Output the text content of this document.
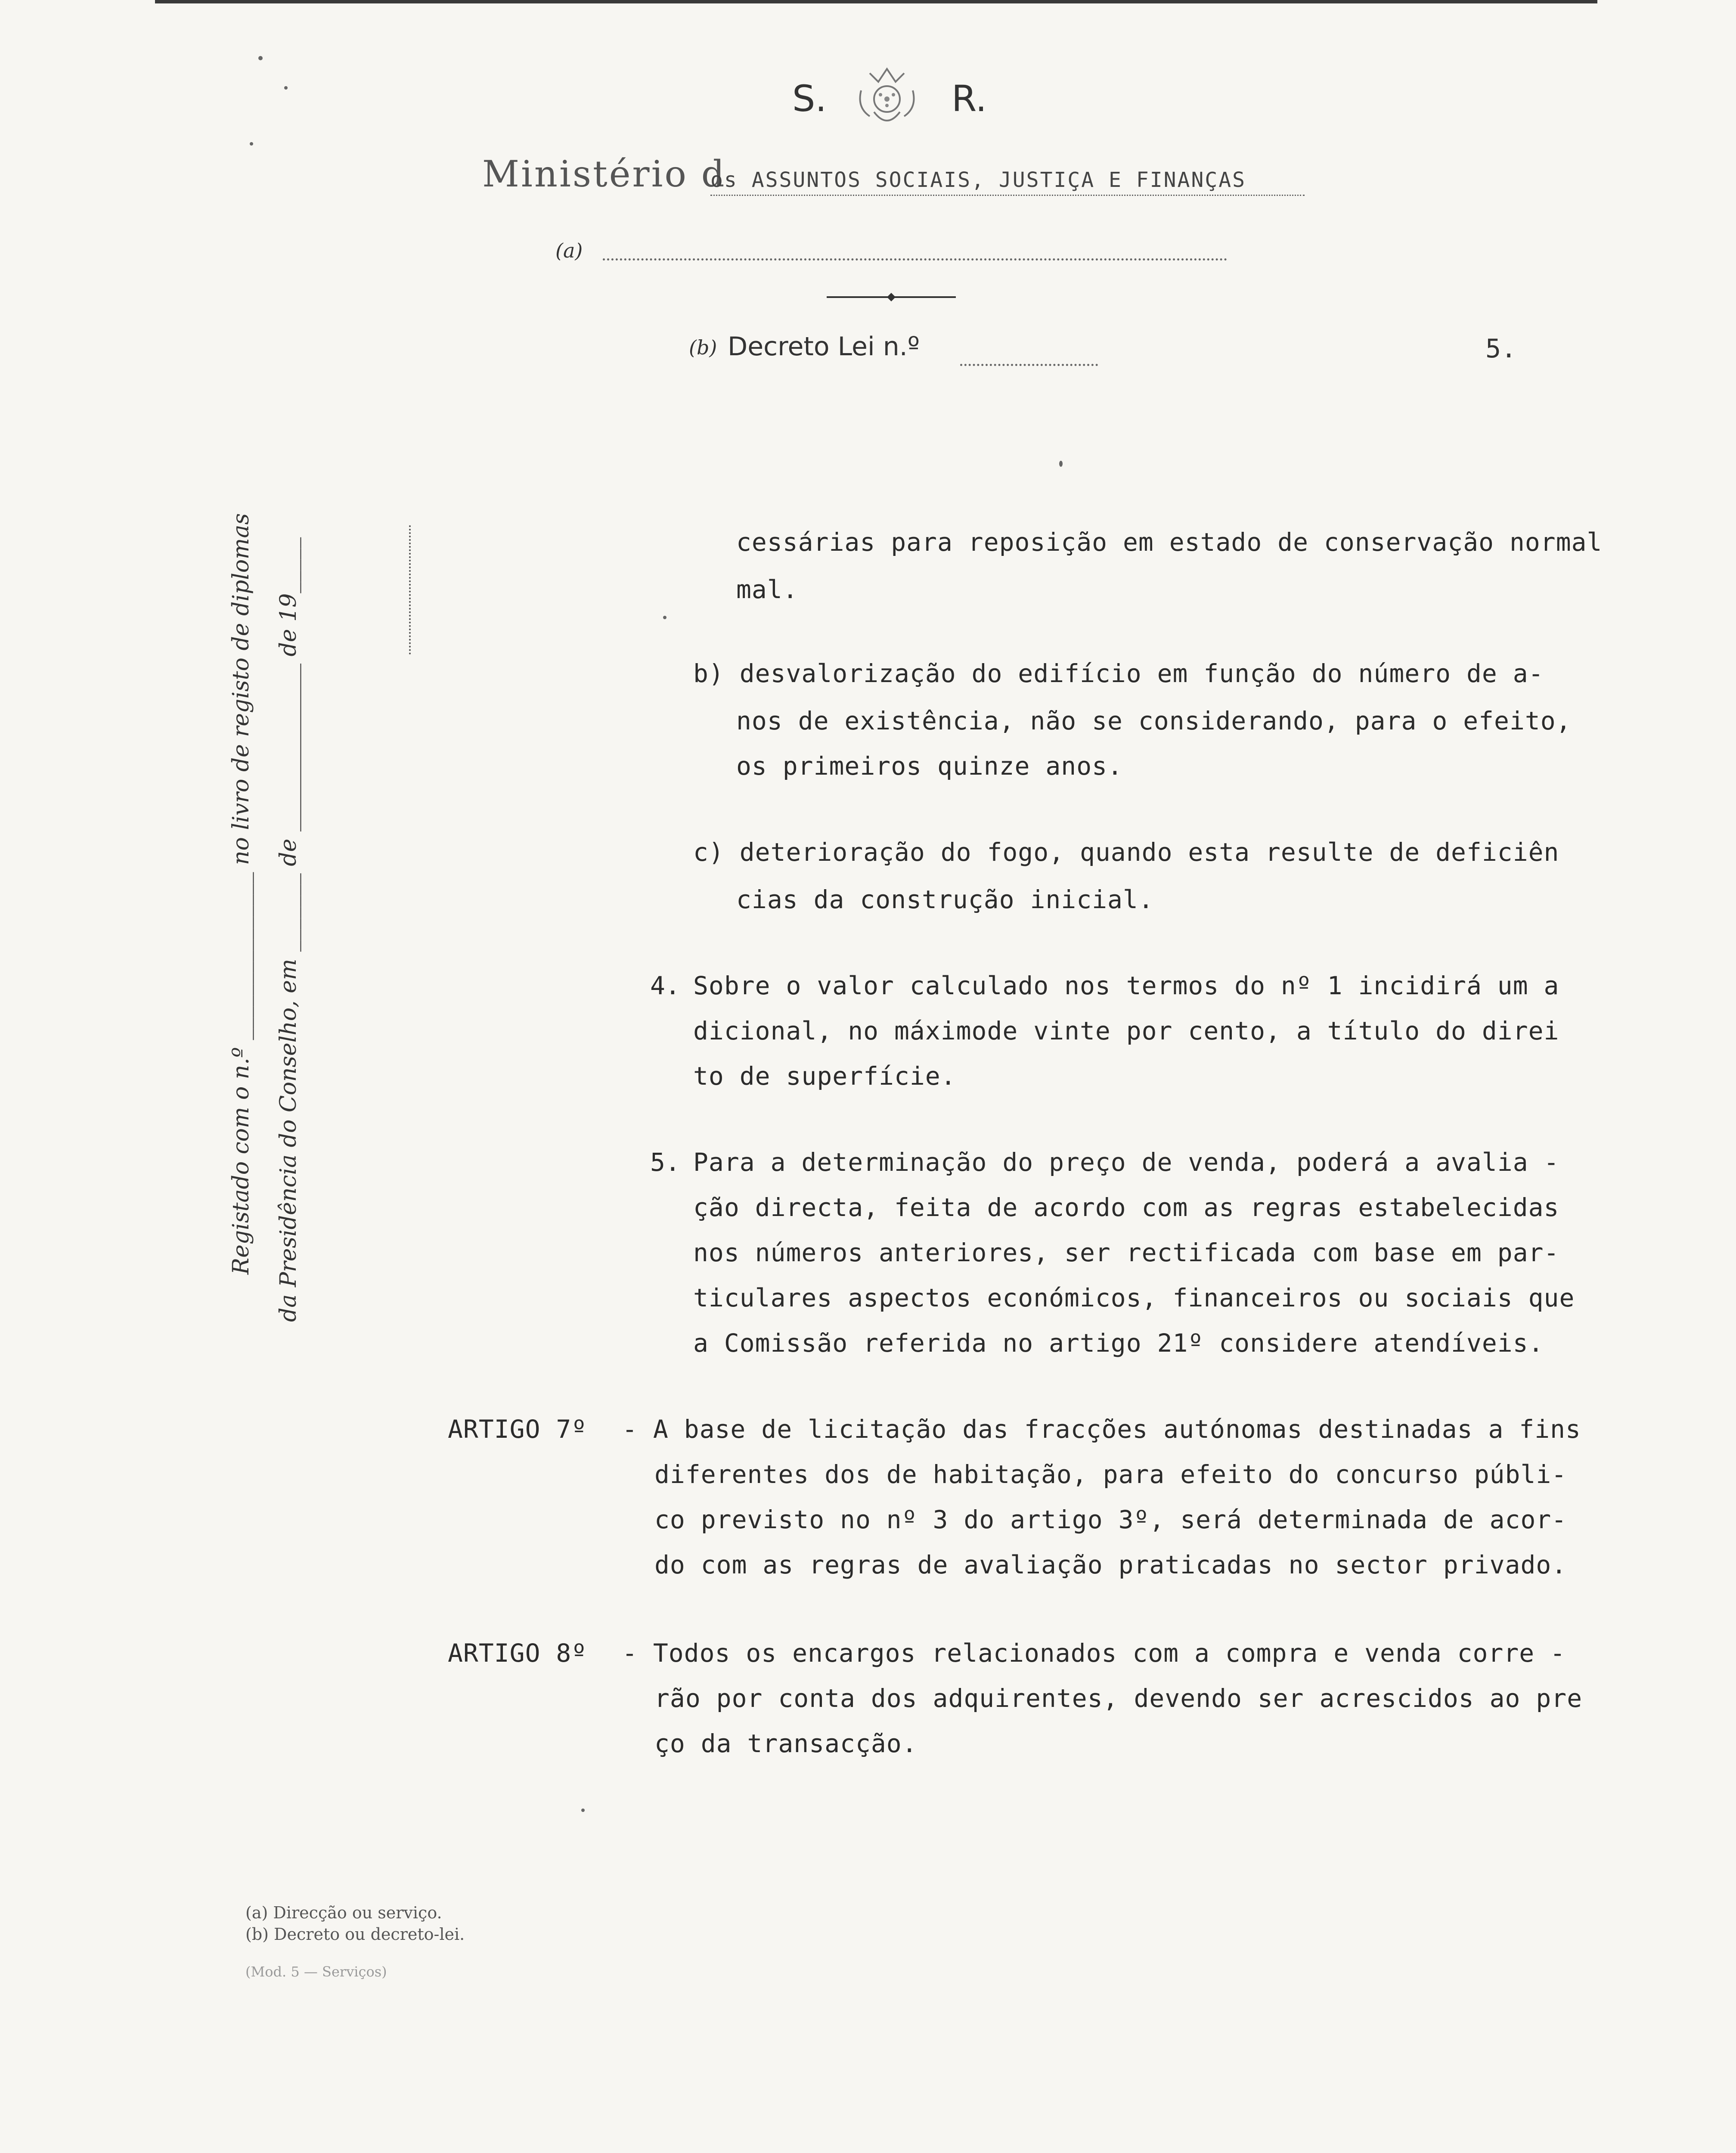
S.	R.
Ministério d
os ASSUNTOS SOCIAIS, JUSTIÇA E FINANÇAS
(a)
(b) Decreto Lei n.º	5.
Registado com o n.º _______________ no livro de registo de diplomas da Presidência do Conselho, em _______ de _______________ de 19_____	cessárias para reposição em estado de conservação normal
mal.
b) desvalorização do edifício em função do número de a-
nos de existência, não se considerando, para o efeito,
os primeiros quinze anos.
c) deterioração do fogo, quando esta resulte de deficiên
cias da construção inicial.
4. Sobre o valor calculado nos termos do nº 1 incidirá um a
dicional, no máximode vinte por cento, a título do direi
to de superfície.
5. Para a determinação do preço de venda, poderá a avalia -
ção directa, feita de acordo com as regras estabelecidas
nos números anteriores, ser rectificada com base em par-
ticulares aspectos económicos, financeiros ou sociais que
a Comissão referida no artigo 21º considere atendíveis.
ARTIGO 7º - A base de licitação das fracções autónomas destinadas a fins
diferentes dos de habitação, para efeito do concurso públi-
co previsto no nº 3 do artigo 3º, será determinada de acor-
do com as regras de avaliação praticadas no sector privado.
ARTIGO 8º - Todos os encargos relacionados com a compra e venda corre -
rão por conta dos adquirentes, devendo ser acrescidos ao pre
ço da transacção.
(a) Direcção ou serviço.
(b) Decreto ou decreto-lei.
(Mod. 5 — Serviços)
